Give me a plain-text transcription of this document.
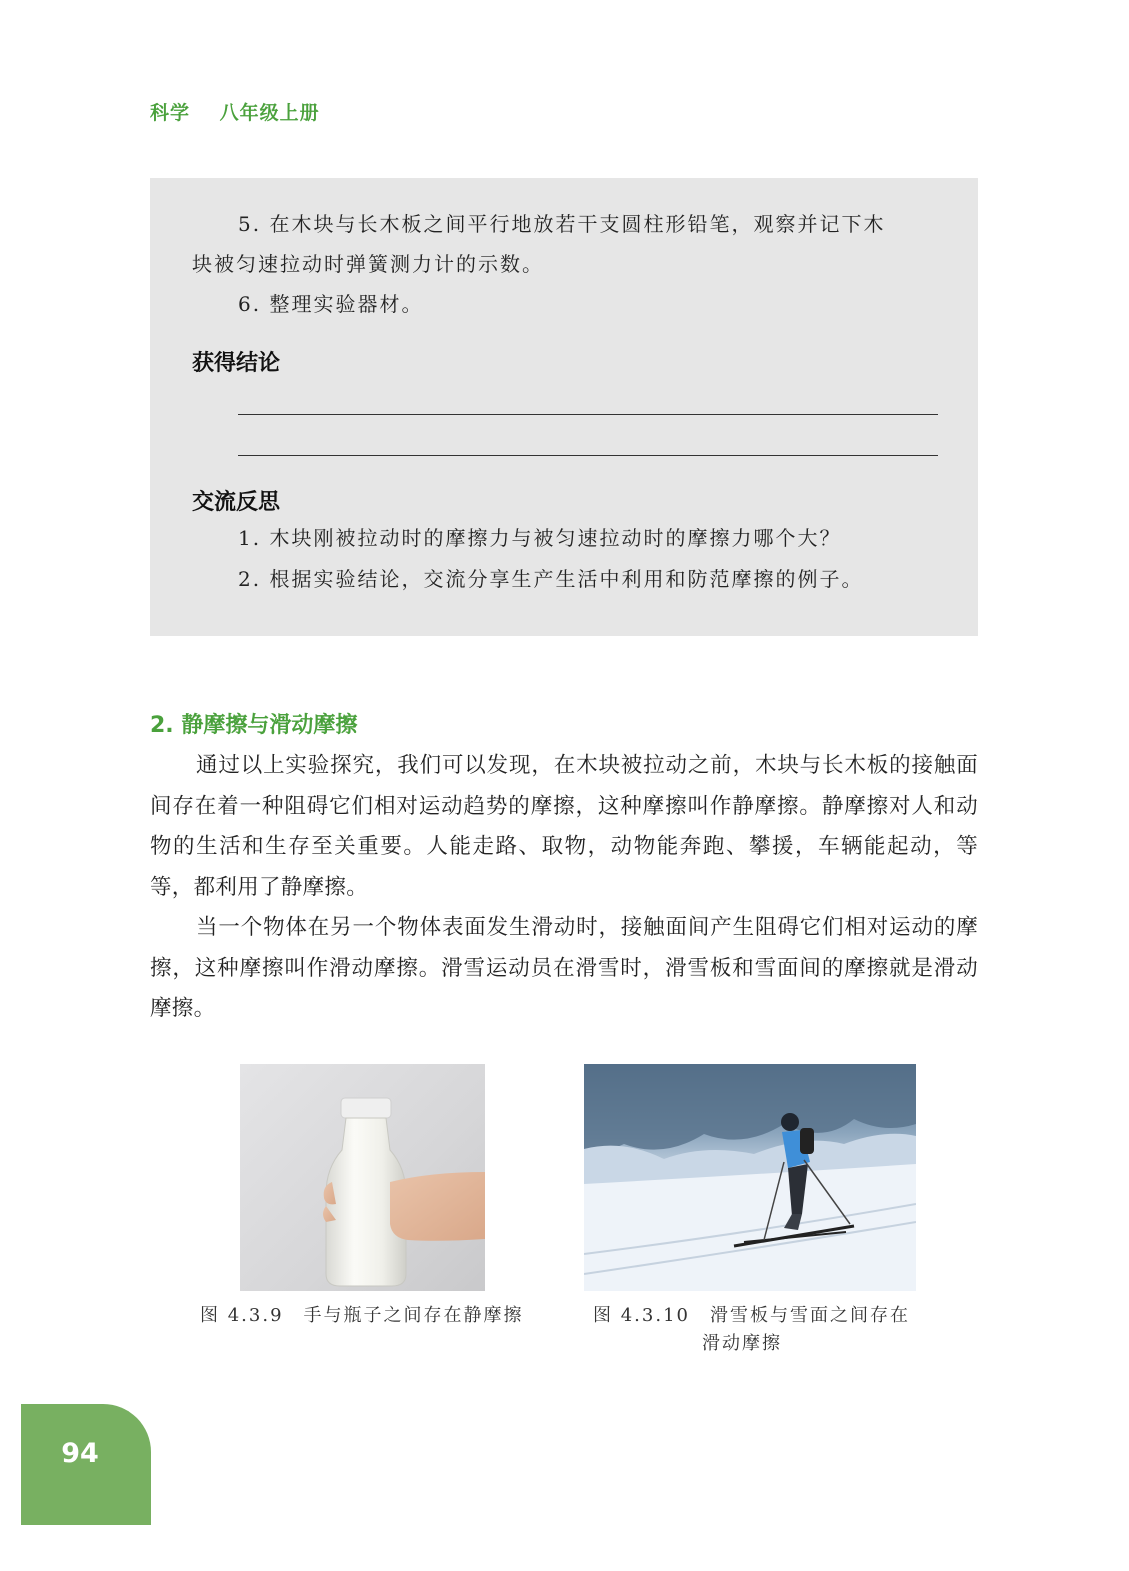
科学 八年级上册
5. 在木块与长木板之间平行地放若干支圆柱形铅笔，观察并记下木
块被匀速拉动时弹簧测力计的示数。
6. 整理实验器材。
获得结论
交流反思
1. 木块刚被拉动时的摩擦力与被匀速拉动时的摩擦力哪个大？
2. 根据实验结论，交流分享生产生活中利用和防范摩擦的例子。
2. 静摩擦与滑动摩擦
通过以上实验探究，我们可以发现，在木块被拉动之前，木块与长木板的接触面间存在着一种阻碍它们相对运动趋势的摩擦，这种摩擦叫作静摩擦。静摩擦对人和动物的生活和生存至关重要。人能走路、取物，动物能奔跑、攀援，车辆能起动，等等，都利用了静摩擦。
当一个物体在另一个物体表面发生滑动时，接触面间产生阻碍它们相对运动的摩擦，这种摩擦叫作滑动摩擦。滑雪运动员在滑雪时，滑雪板和雪面间的摩擦就是滑动摩擦。
图 4.3.9 手与瓶子之间存在静摩擦	图 4.3.10 滑雪板与雪面之间存在
滑动摩擦
94
